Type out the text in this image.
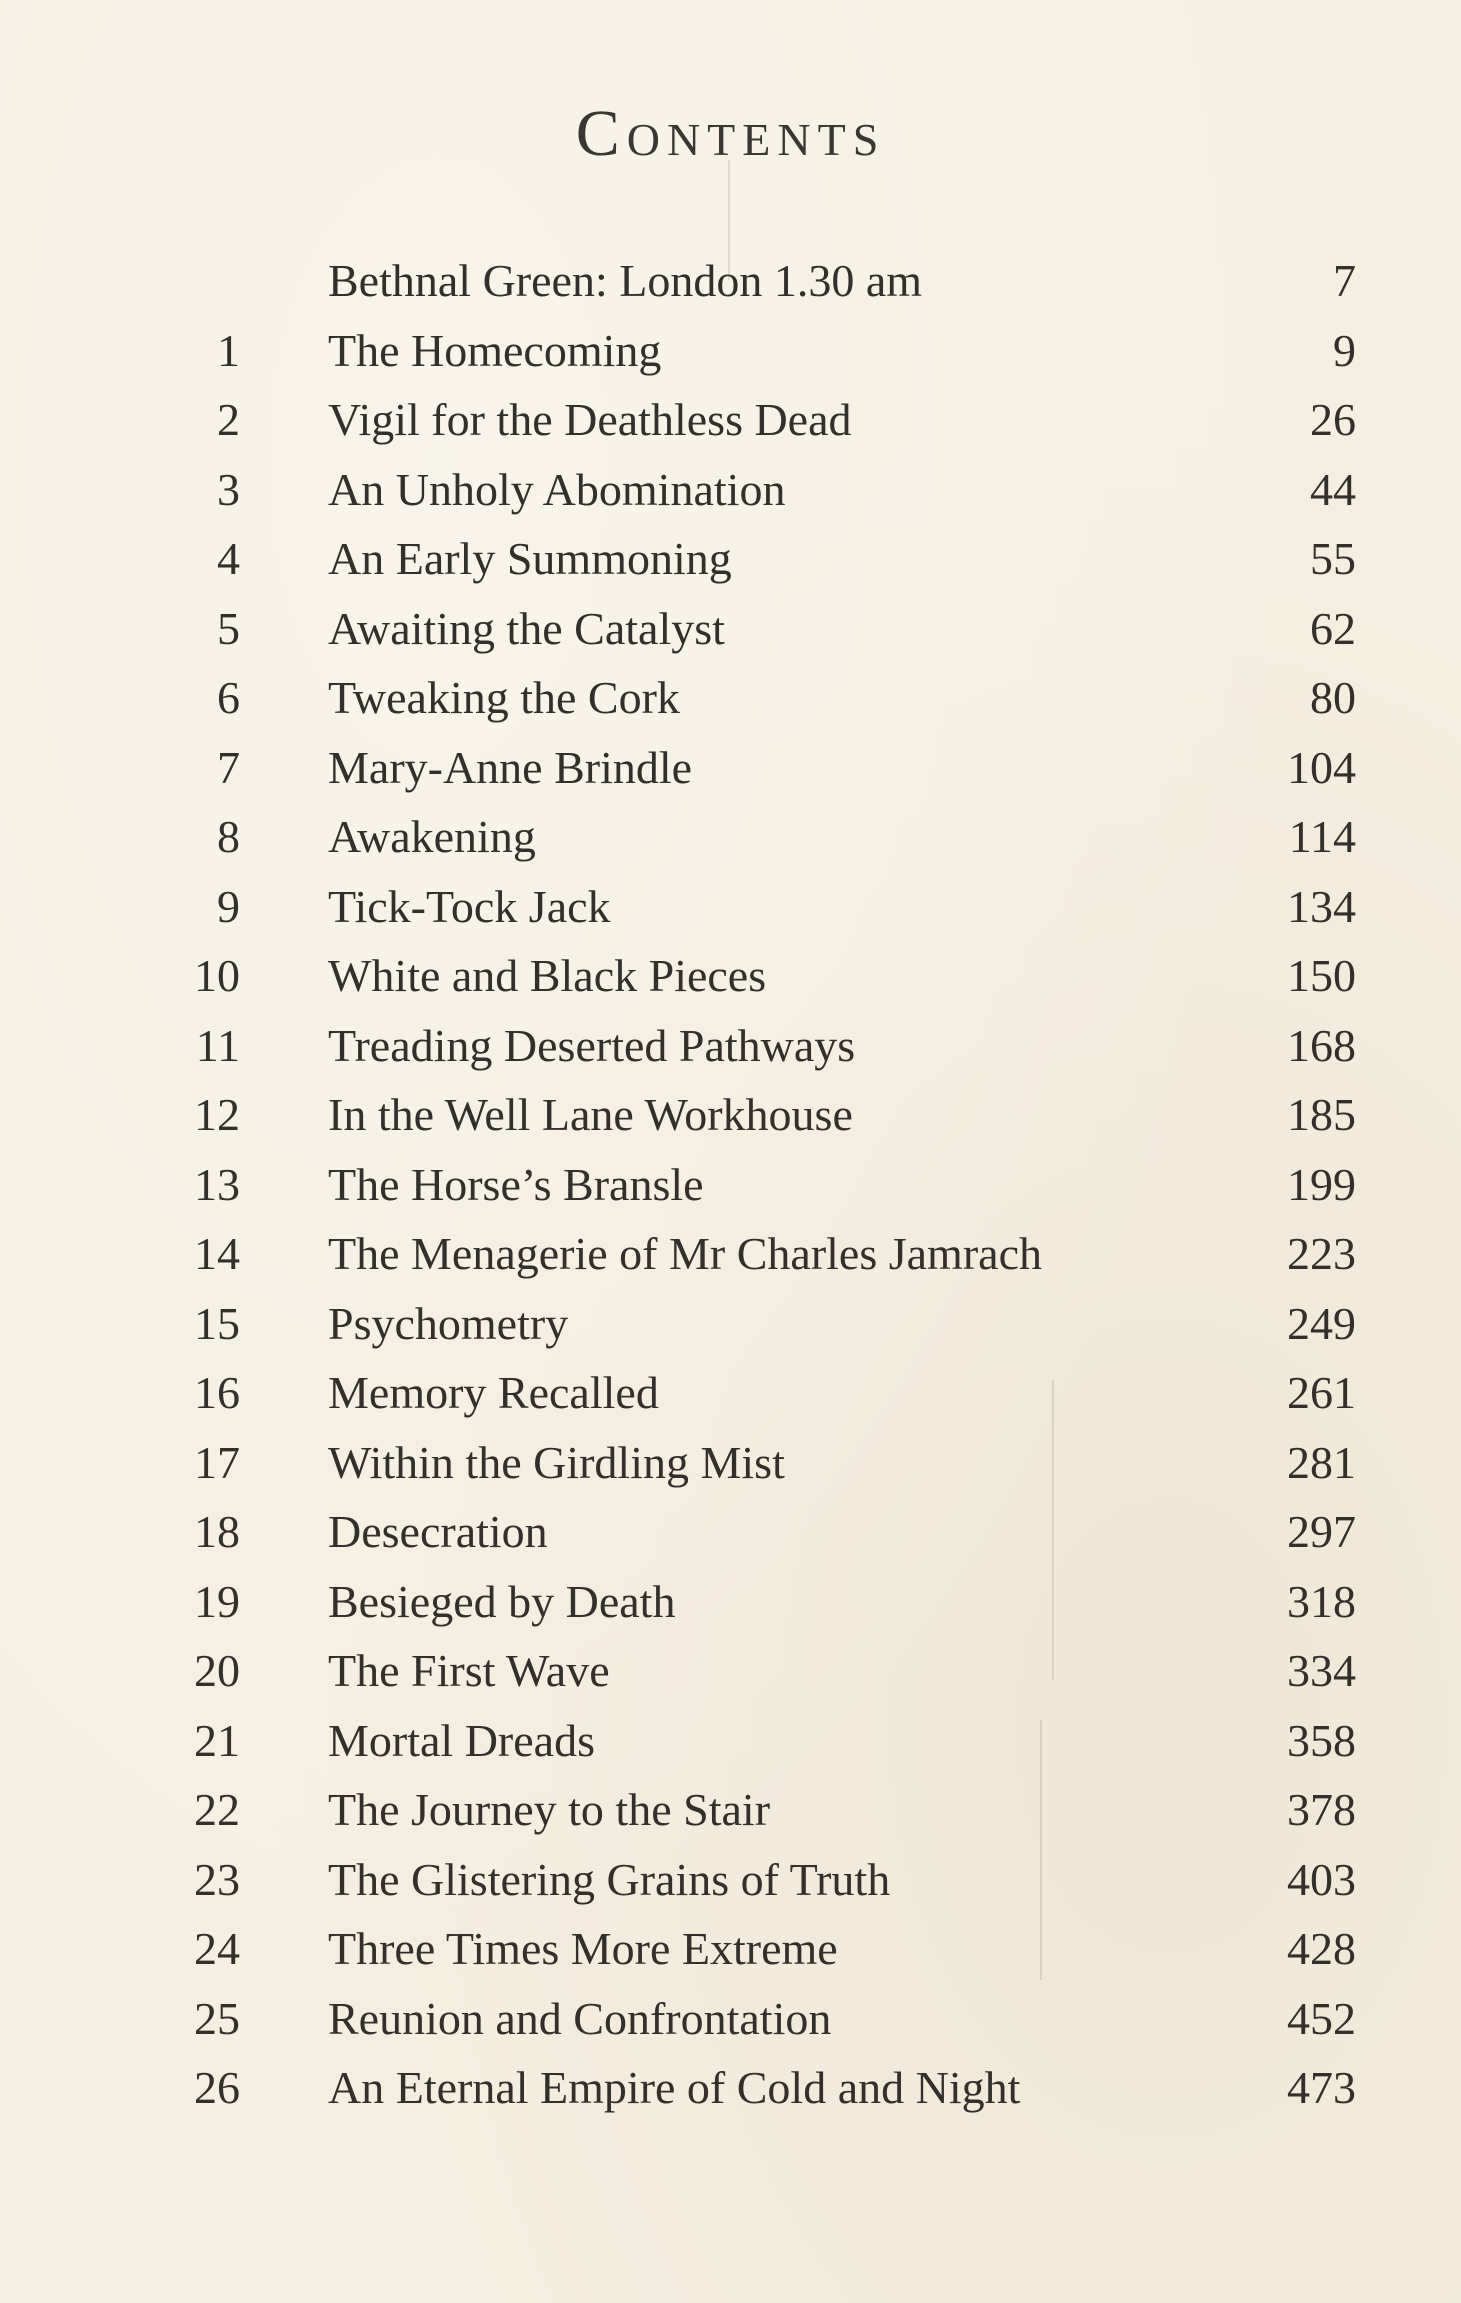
Contents
Bethnal Green: London 1.30 am	7
1 The Homecoming	9
2 Vigil for the Deathless Dead	26
3 An Unholy Abomination	44
4 An Early Summoning	55
5 Awaiting the Catalyst	62
6 Tweaking the Cork	80
7 Mary-Anne Brindle	104
8 Awakening	114
9 Tick-Tock Jack	134
10 White and Black Pieces	150
11 Treading Deserted Pathways	168
12 In the Well Lane Workhouse	185
13 The Horse’s Bransle	199
14 The Menagerie of Mr Charles Jamrach	223
15 Psychometry	249
16 Memory Recalled	261
17 Within the Girdling Mist	281
18 Desecration	297
19 Besieged by Death	318
20 The First Wave	334
21 Mortal Dreads	358
22 The Journey to the Stair	378
23 The Glistering Grains of Truth	403
24 Three Times More Extreme	428
25 Reunion and Confrontation	452
26 An Eternal Empire of Cold and Night	473
